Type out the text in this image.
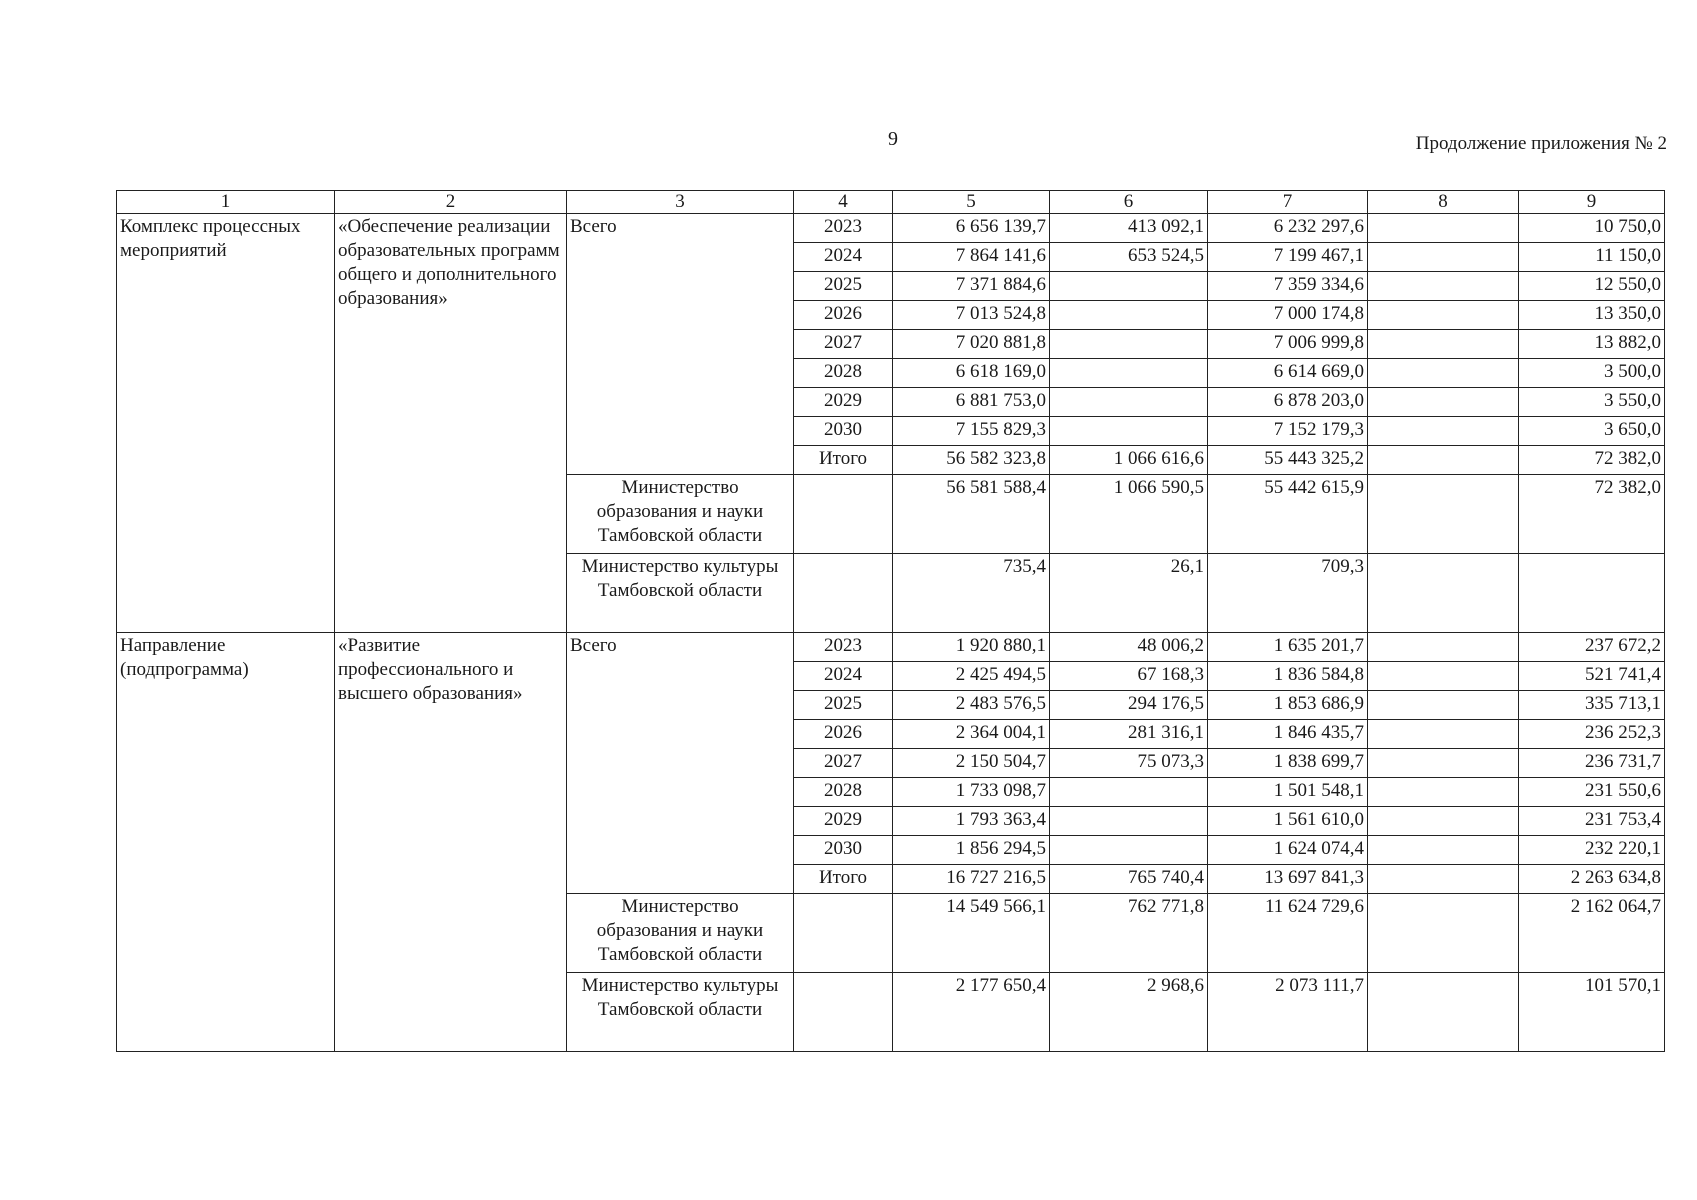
9	Продолжение приложения № 2
1	2	3	4	5	6	7	8	9
Комплекс процессных мероприятий	«Обеспечение реализации образовательных программ общего и дополнительного образования»	Всего	2023	6 656 139,7	413 092,1	6 232 297,6		10 750,0
			2024	7 864 141,6	653 524,5	7 199 467,1		11 150,0
			2025	7 371 884,6		7 359 334,6		12 550,0
			2026	7 013 524,8		7 000 174,8		13 350,0
			2027	7 020 881,8		7 006 999,8		13 882,0
			2028	6 618 169,0		6 614 669,0		3 500,0
			2029	6 881 753,0		6 878 203,0		3 550,0
			2030	7 155 829,3		7 152 179,3		3 650,0
			Итого	56 582 323,8	1 066 616,6	55 443 325,2		72 382,0
		Министерство образования и науки Тамбовской области		56 581 588,4	1 066 590,5	55 442 615,9		72 382,0
		Министерство культуры Тамбовской области		735,4	26,1	709,3		
Направление (подпрограмма)	«Развитие профессионального и высшего образования»	Всего	2023	1 920 880,1	48 006,2	1 635 201,7		237 672,2
			2024	2 425 494,5	67 168,3	1 836 584,8		521 741,4
			2025	2 483 576,5	294 176,5	1 853 686,9		335 713,1
			2026	2 364 004,1	281 316,1	1 846 435,7		236 252,3
			2027	2 150 504,7	75 073,3	1 838 699,7		236 731,7
			2028	1 733 098,7		1 501 548,1		231 550,6
			2029	1 793 363,4		1 561 610,0		231 753,4
			2030	1 856 294,5		1 624 074,4		232 220,1
			Итого	16 727 216,5	765 740,4	13 697 841,3		2 263 634,8
		Министерство образования и науки Тамбовской области		14 549 566,1	762 771,8	11 624 729,6		2 162 064,7
		Министерство культуры Тамбовской области		2 177 650,4	2 968,6	2 073 111,7		101 570,1
